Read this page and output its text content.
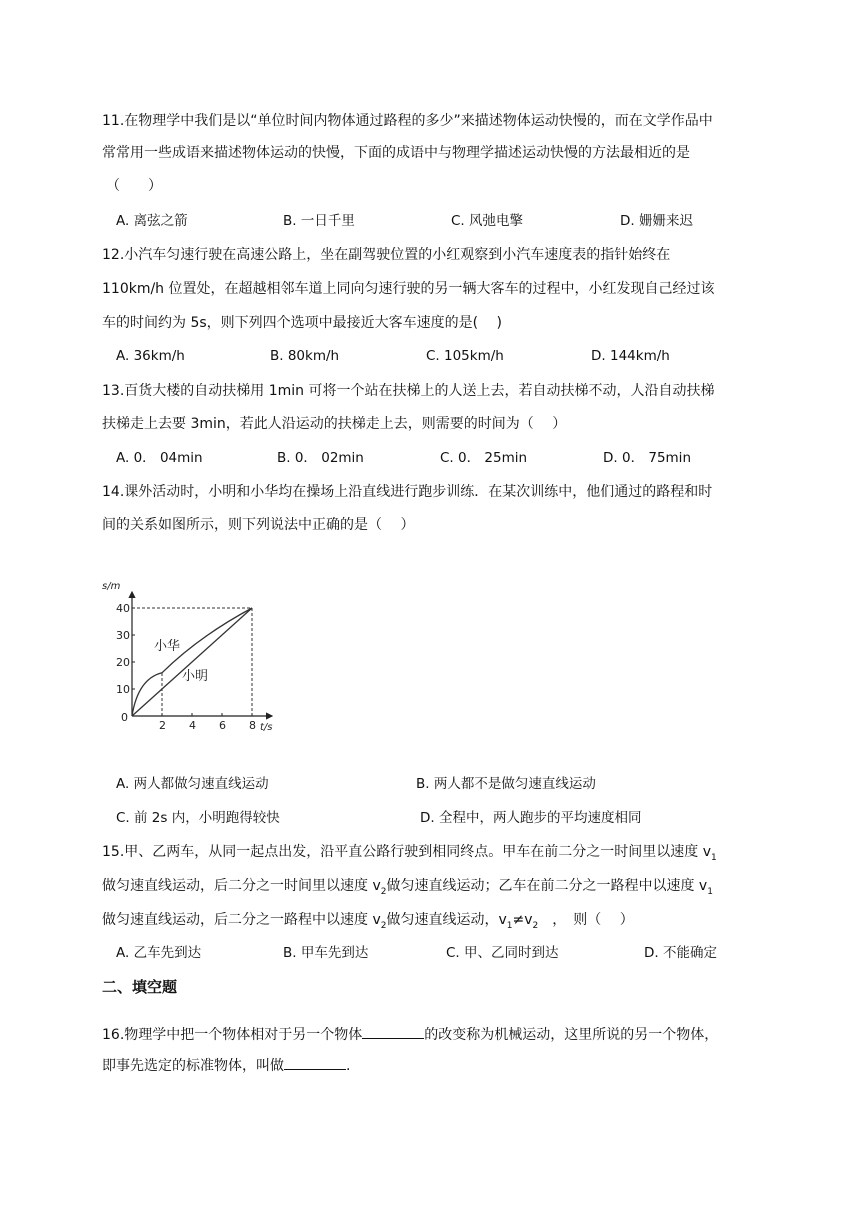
11.在物理学中我们是以“单位时间内物体通过路程的多少”来描述物体运动快慢的，而在文学作品中
常常用一些成语来描述物体运动的快慢，下面的成语中与物理学描述运动快慢的方法最相近的是
（　　）
A. 离弦之箭	B. 一日千里	C. 风弛电擎	D. 姗姗来迟
12.小汽车匀速行驶在高速公路上，坐在副驾驶位置的小红观察到小汽车速度表的指针始终在
110km/h 位置处，在超越相邻车道上同向匀速行驶的另一辆大客车的过程中，小红发现自己经过该
车的时间约为 5s，则下列四个选项中最接近大客车速度的是(　 )
A. 36km/h	B. 80km/h	C. 105km/h	D. 144km/h
13.百货大楼的自动扶梯用 1min 可将一个站在扶梯上的人送上去，若自动扶梯不动，人沿自动扶梯
扶梯走上去要 3min，若此人沿运动的扶梯走上去，则需要的时间为（　 ）
A. 0． 04min	B. 0． 02min	C. 0． 25min	D. 0． 75min
14.课外活动时，小明和小华均在操场上沿直线进行跑步训练．在某次训练中，他们通过的路程和时
间的关系如图所示，则下列说法中正确的是（　 ）
2 4 6 8
10
20
30
40
s/m
t/s
0
小华
小明
A. 两人都做匀速直线运动	B. 两人都不是做匀速直线运动
C. 前 2s 内，小明跑得较快	D. 全程中，两人跑步的平均速度相同
15.甲、乙两车，从同一起点出发，沿平直公路行驶到相同终点。甲车在前二分之一时间里以速度 $v_1$
做匀速直线运动，后二分之一时间里以速度 $v_2$做匀速直线运动；乙车在前二分之一路程中以速度 $v_1$
做匀速直线运动，后二分之一路程中以速度 $v_2$做匀速直线运动，$v_1\ne v_2$　，　则（　 ）
A. 乙车先到达	B. 甲车先到达	C. 甲、乙同时到达	D. 不能确定
二、填空题
16.物理学中把一个物体相对于另一个物体	的改变称为机械运动，这里所说的另一个物体，
即事先选定的标准物体，叫做	.
